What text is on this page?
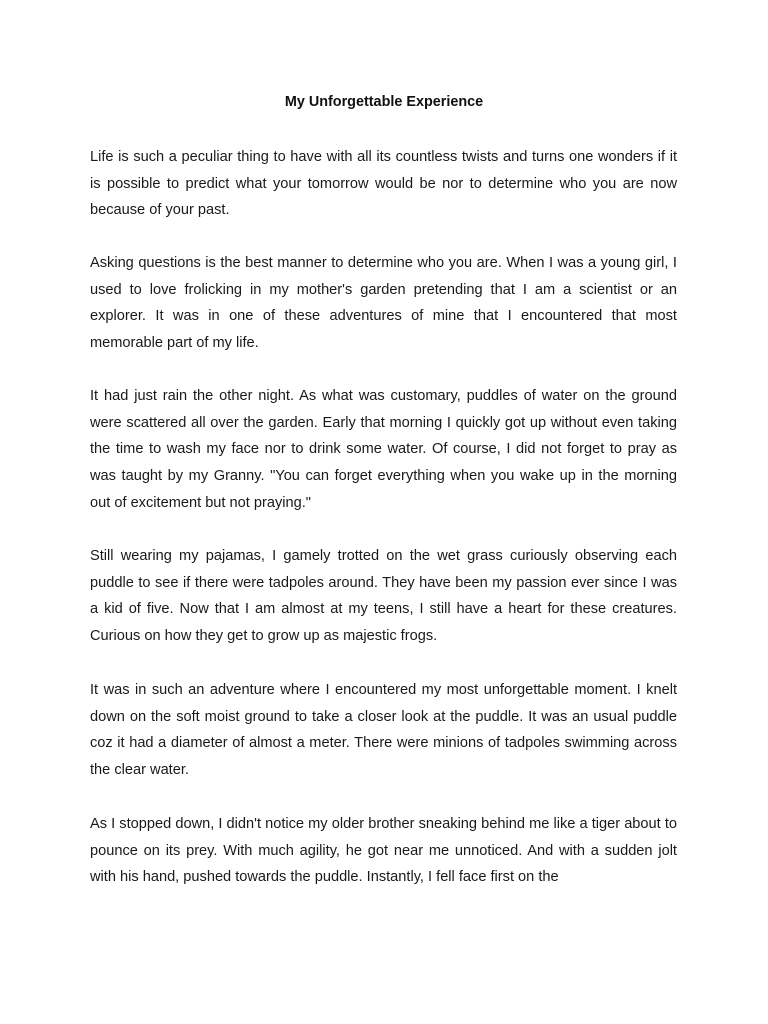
My Unforgettable Experience

Life is such a peculiar thing to have with all its countless twists and turns one wonders if it is possible to predict what your tomorrow would be nor to determine who you are now because of your past.

Asking questions is the best manner to determine who you are. When I was a young girl, I used to love frolicking in my mother's garden pretending that I am a scientist or an explorer. It was in one of these adventures of mine that I encountered that most memorable part of my life.

It had just rain the other night. As what was customary, puddles of water on the ground were scattered all over the garden. Early that morning I quickly got up without even taking the time to wash my face nor to drink some water. Of course, I did not forget to pray as was taught by my Granny. "You can forget everything when you wake up in the morning out of excitement but not praying."

Still wearing my pajamas, I gamely trotted on the wet grass curiously observing each puddle to see if there were tadpoles around. They have been my passion ever since I was a kid of five. Now that I am almost at my teens, I still have a heart for these creatures. Curious on how they get to grow up as majestic frogs.

It was in such an adventure where I encountered my most unforgettable moment. I knelt down on the soft moist ground to take a closer look at the puddle. It was an usual puddle coz it had a diameter of almost a meter. There were minions of tadpoles swimming across the clear water.

As I stopped down, I didn't notice my older brother sneaking behind me like a tiger about to pounce on its prey. With much agility, he got near me unnoticed. And with a sudden jolt with his hand, pushed towards the puddle. Instantly, I fell face first on the
